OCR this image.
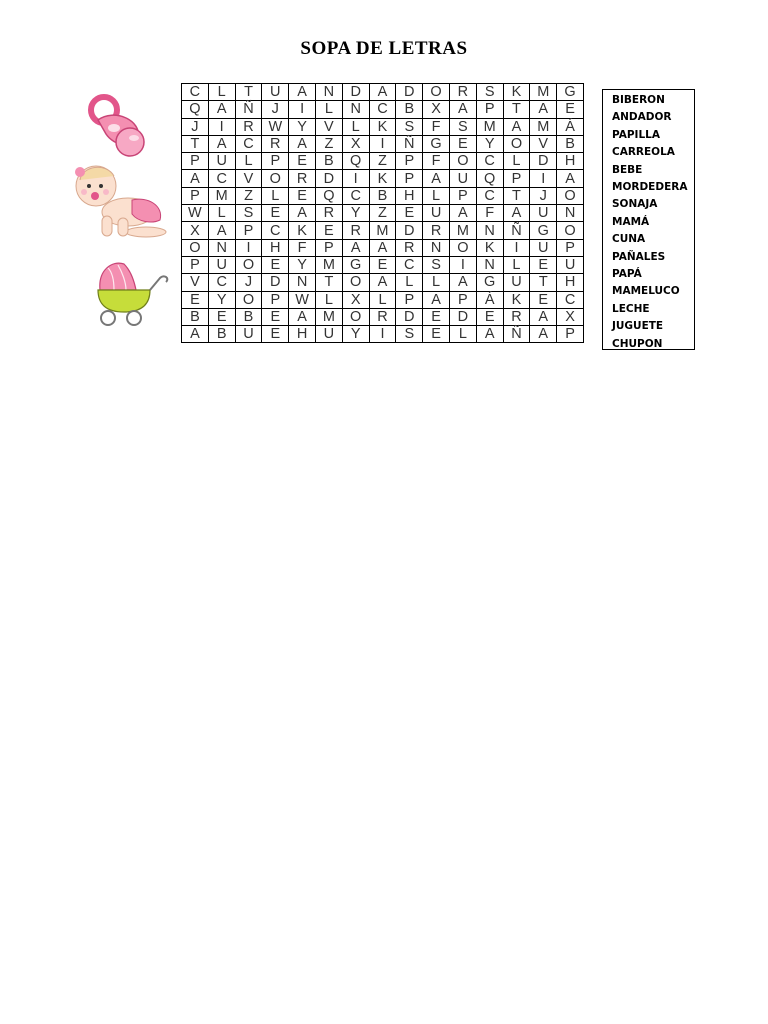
SOPA DE LETRAS
C	L	T	U	A	N	D	A	D	O	R	S	K	M	G
Q	A	Ñ	J	I	L	N	C	B	X	A	P	T	A	E
J	I	R	W	Y	V	L	K	S	F	S	M	A	M	Á
T	A	C	R	A	Z	X	I	Ñ	G	E	Y	O	V	B
P	U	L	P	E	B	Q	Z	P	F	O	C	L	D	H
A	C	V	O	R	D	I	K	P	A	U	Q	P	I	A
P	M	Z	L	E	Q	C	B	H	L	P	C	T	J	O
W	L	S	E	A	R	Y	Z	E	U	A	F	A	U	N
X	A	P	C	K	E	R	M	D	R	M	N	Ñ	G	O
O	N	I	H	F	P	A	A	R	N	O	K	I	U	P
P	U	O	E	Y	M	G	E	C	S	I	N	L	E	U
V	C	J	D	N	T	O	A	L	L	A	G	U	T	H
E	Y	O	P	W	L	X	L	P	A	P	Á	K	E	C
B	E	B	E	A	M	O	R	D	E	D	E	R	A	X
A	B	U	E	H	U	Y	I	S	E	L	A	Ñ	A	P
BIBERON
ANDADOR
PAPILLA
CARREOLA
BEBE
MORDEDERA
SONAJA
MAMÁ
CUNA
PAÑALES
PAPÁ
MAMELUCO
LECHE
JUGUETE
CHUPON
